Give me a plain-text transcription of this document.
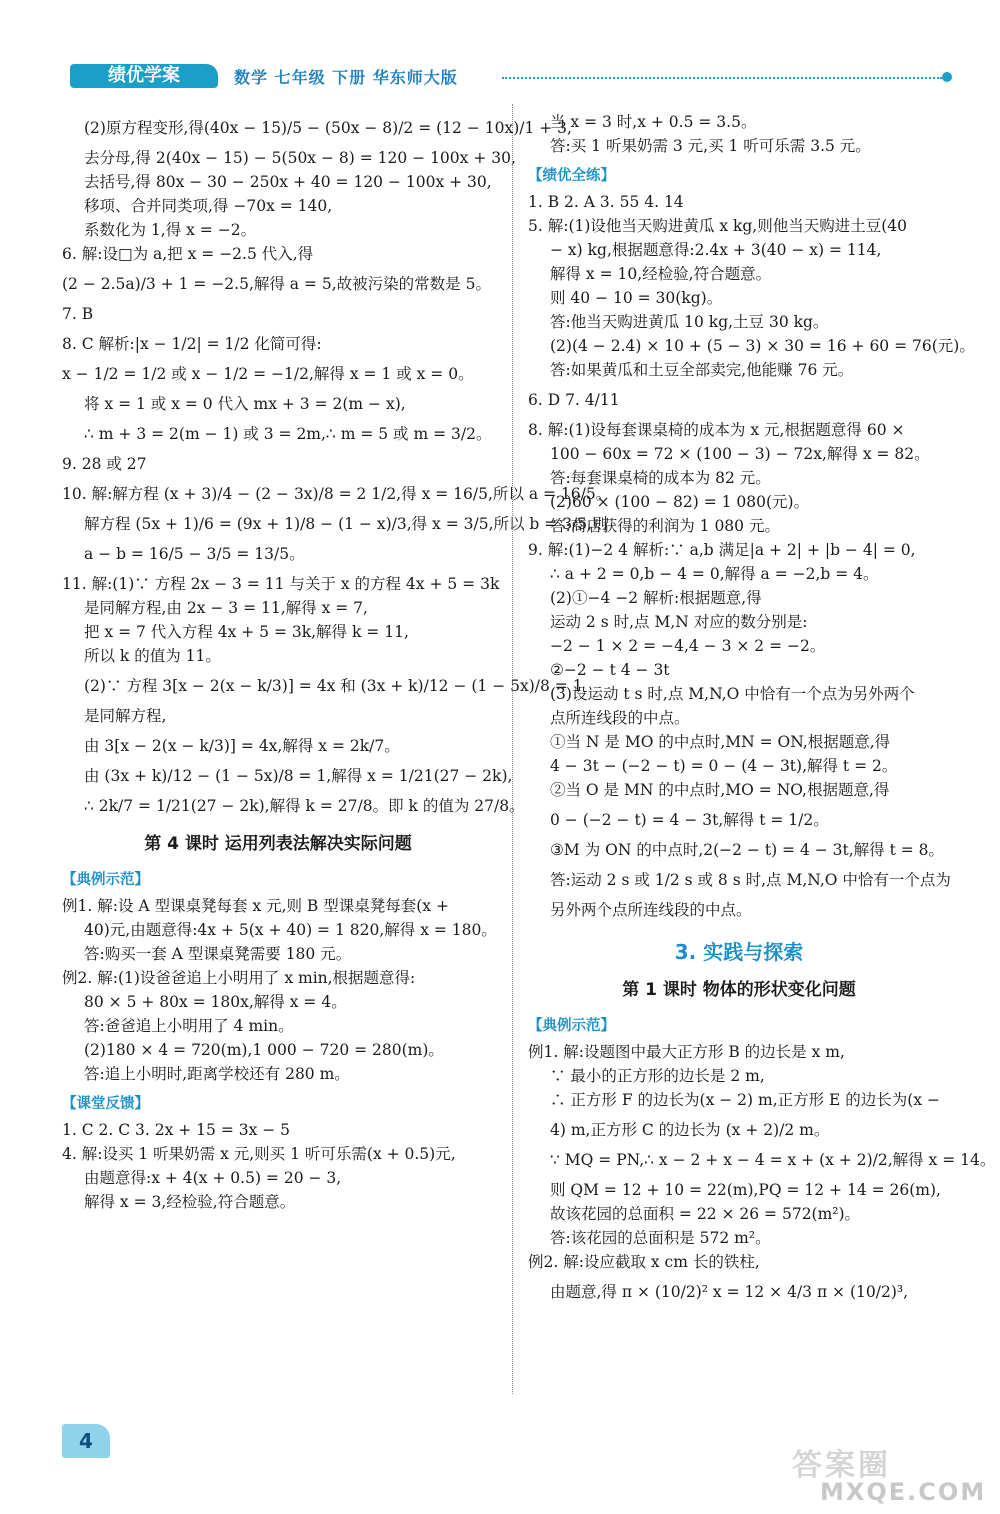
绩优学案	数学 七年级 下册 华东师大版
(2)原方程变形,得(40x − 15)/5 − (50x − 8)/2 = (12 − 10x)/1 + 3,
去分母,得 2(40x − 15) − 5(50x − 8) = 120 − 100x + 30,
去括号,得 80x − 30 − 250x + 40 = 120 − 100x + 30,
移项、合并同类项,得 −70x = 140,
系数化为 1,得 x = −2。
6. 解:设□为 a,把 x = −2.5 代入,得
(2 − 2.5a)/3 + 1 = −2.5,解得 a = 5,故被污染的常数是 5。
7. B
8. C 解析:|x − 1/2| = 1/2 化简可得:
x − 1/2 = 1/2 或 x − 1/2 = −1/2,解得 x = 1 或 x = 0。
将 x = 1 或 x = 0 代入 mx + 3 = 2(m − x),
∴ m + 3 = 2(m − 1) 或 3 = 2m,∴ m = 5 或 m = 3/2。
9. 28 或 27
10. 解:解方程 (x + 3)/4 − (2 − 3x)/8 = 2 1/2,得 x = 16/5,所以 a = 16/5。
解方程 (5x + 1)/6 = (9x + 1)/8 − (1 − x)/3,得 x = 3/5,所以 b = 3/5,则
a − b = 16/5 − 3/5 = 13/5。
11. 解:(1)∵ 方程 2x − 3 = 11 与关于 x 的方程 4x + 5 = 3k
是同解方程,由 2x − 3 = 11,解得 x = 7,
把 x = 7 代入方程 4x + 5 = 3k,解得 k = 11,
所以 k 的值为 11。
(2)∵ 方程 3[x − 2(x − k/3)] = 4x 和 (3x + k)/12 − (1 − 5x)/8 = 1
是同解方程,
由 3[x − 2(x − k/3)] = 4x,解得 x = 2k/7。
由 (3x + k)/12 − (1 − 5x)/8 = 1,解得 x = 1/21(27 − 2k),
∴ 2k/7 = 1/21(27 − 2k),解得 k = 27/8。即 k 的值为 27/8。
第 4 课时 运用列表法解决实际问题
【典例示范】
例1. 解:设 A 型课桌凳每套 x 元,则 B 型课桌凳每套(x +
40)元,由题意得:4x + 5(x + 40) = 1 820,解得 x = 180。
答:购买一套 A 型课桌凳需要 180 元。
例2. 解:(1)设爸爸追上小明用了 x min,根据题意得:
80 × 5 + 80x = 180x,解得 x = 4。
答:爸爸追上小明用了 4 min。
(2)180 × 4 = 720(m),1 000 − 720 = 280(m)。
答:追上小明时,距离学校还有 280 m。
【课堂反馈】
1. C 2. C 3. 2x + 15 = 3x − 5
4. 解:设买 1 听果奶需 x 元,则买 1 听可乐需(x + 0.5)元,
由题意得:x + 4(x + 0.5) = 20 − 3,
解得 x = 3,经检验,符合题意。
当 x = 3 时,x + 0.5 = 3.5。
答:买 1 听果奶需 3 元,买 1 听可乐需 3.5 元。
【绩优全练】
1. B 2. A 3. 55 4. 14
5. 解:(1)设他当天购进黄瓜 x kg,则他当天购进土豆(40
− x) kg,根据题意得:2.4x + 3(40 − x) = 114,
解得 x = 10,经检验,符合题意。
则 40 − 10 = 30(kg)。
答:他当天购进黄瓜 10 kg,土豆 30 kg。
(2)(4 − 2.4) × 10 + (5 − 3) × 30 = 16 + 60 = 76(元)。
答:如果黄瓜和土豆全部卖完,他能赚 76 元。
6. D 7. 4/11
8. 解:(1)设每套课桌椅的成本为 x 元,根据题意得 60 ×
100 − 60x = 72 × (100 − 3) − 72x,解得 x = 82。
答:每套课桌椅的成本为 82 元。
(2)60 × (100 − 82) = 1 080(元)。
答:商店获得的利润为 1 080 元。
9. 解:(1)−2 4 解析:∵ a,b 满足|a + 2| + |b − 4| = 0,
∴ a + 2 = 0,b − 4 = 0,解得 a = −2,b = 4。
(2)①−4 −2 解析:根据题意,得
运动 2 s 时,点 M,N 对应的数分别是:
−2 − 1 × 2 = −4,4 − 3 × 2 = −2。
②−2 − t 4 − 3t
(3)设运动 t s 时,点 M,N,O 中恰有一个点为另外两个
点所连线段的中点。
①当 N 是 MO 的中点时,MN = ON,根据题意,得
4 − 3t − (−2 − t) = 0 − (4 − 3t),解得 t = 2。
②当 O 是 MN 的中点时,MO = NO,根据题意,得
0 − (−2 − t) = 4 − 3t,解得 t = 1/2。
③M 为 ON 的中点时,2(−2 − t) = 4 − 3t,解得 t = 8。
答:运动 2 s 或 1/2 s 或 8 s 时,点 M,N,O 中恰有一个点为
另外两个点所连线段的中点。
3. 实践与探索
第 1 课时 物体的形状变化问题
【典例示范】
例1. 解:设题图中最大正方形 B 的边长是 x m,
∵ 最小的正方形的边长是 2 m,
∴ 正方形 F 的边长为(x − 2) m,正方形 E 的边长为(x −
4) m,正方形 C 的边长为 (x + 2)/2 m。
∵ MQ = PN,∴ x − 2 + x − 4 = x + (x + 2)/2,解得 x = 14。
则 QM = 12 + 10 = 22(m),PQ = 12 + 14 = 26(m),
故该花园的总面积 = 22 × 26 = 572(m²)。
答:该花园的总面积是 572 m²。
例2. 解:设应截取 x cm 长的铁柱,
由题意,得 π × (10/2)² x = 12 × 4/3 π × (10/2)³,
4
答案圈
MXQE.COM
